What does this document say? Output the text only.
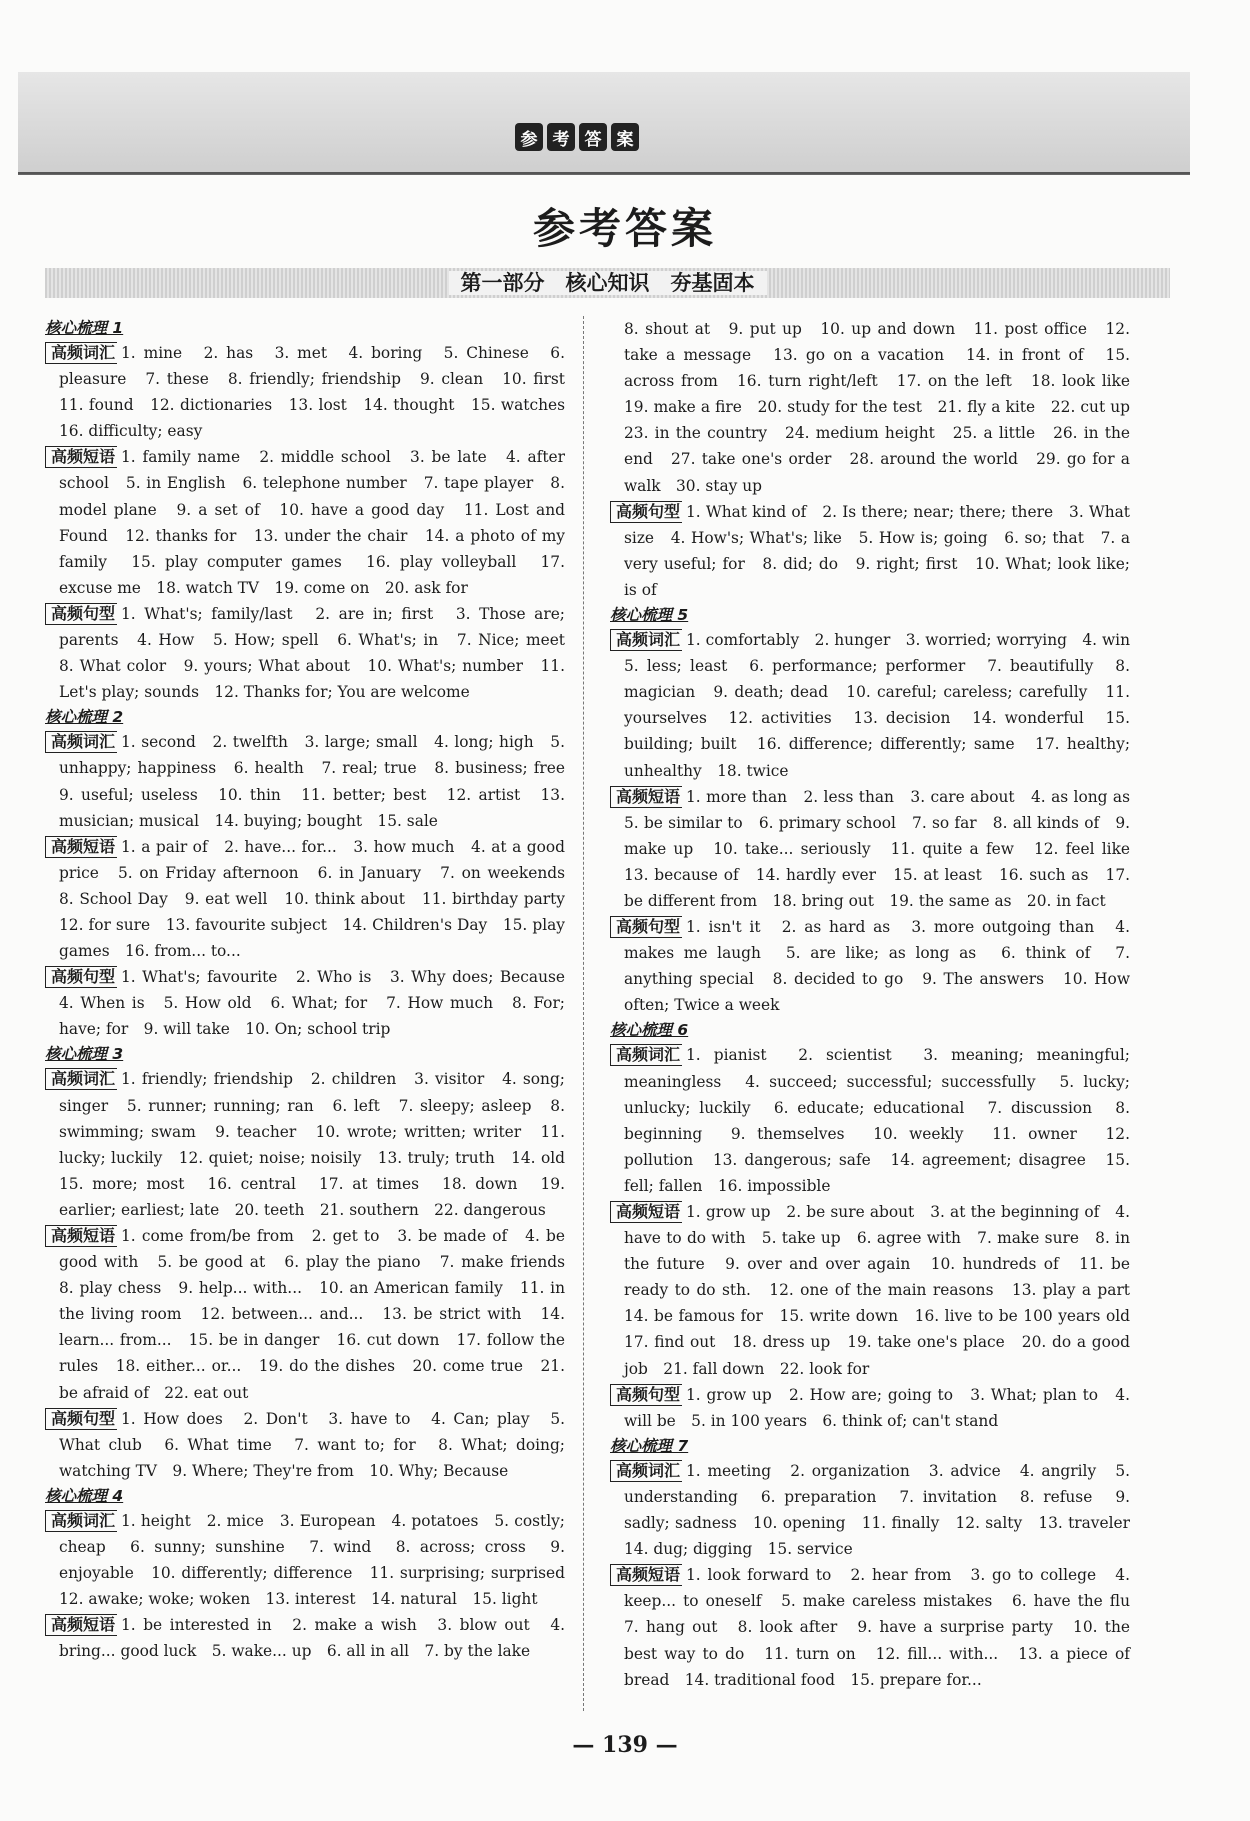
参 考 答 案
参考答案
第一部分　核心知识　夯基固本
核心梳理 1
高频词汇 1. mine　2. has　3. met　4. boring　5. Chinese　6. pleasure　7. these　8. friendly; friendship　9. clean　10. first　11. found　12. dictionaries　13. lost　14. thought　15. watches　16. difficulty; easy
高频短语 1. family name　2. middle school　3. be late　4. after school　5. in English　6. telephone number　7. tape player　8. model plane　9. a set of　10. have a good day　11. Lost and Found　12. thanks for　13. under the chair　14. a photo of my family　15. play computer games　16. play volleyball　17. excuse me　18. watch TV　19. come on　20. ask for
高频句型 1. What's; family/last　2. are in; first　3. Those are; parents　4. How　5. How; spell　6. What's; in　7. Nice; meet　8. What color　9. yours; What about　10. What's; number　11. Let's play; sounds　12. Thanks for; You are welcome
核心梳理 2
高频词汇 1. second　2. twelfth　3. large; small　4. long; high　5. unhappy; happiness　6. health　7. real; true　8. business; free　9. useful; useless　10. thin　11. better; best　12. artist　13. musician; musical　14. buying; bought　15. sale
高频短语 1. a pair of　2. have... for...　3. how much　4. at a good price　5. on Friday afternoon　6. in January　7. on weekends　8. School Day　9. eat well　10. think about　11. birthday party　12. for sure　13. favourite subject　14. Children's Day　15. play games　16. from... to...
高频句型 1. What's; favourite　2. Who is　3. Why does; Because　4. When is　5. How old　6. What; for　7. How much　8. For; have; for　9. will take　10. On; school trip
核心梳理 3
高频词汇 1. friendly; friendship　2. children　3. visitor　4. song; singer　5. runner; running; ran　6. left　7. sleepy; asleep　8. swimming; swam　9. teacher　10. wrote; written; writer　11. lucky; luckily　12. quiet; noise; noisily　13. truly; truth　14. old　15. more; most　16. central　17. at times　18. down　19. earlier; earliest; late　20. teeth　21. southern　22. dangerous
高频短语 1. come from/be from　2. get to　3. be made of　4. be good with　5. be good at　6. play the piano　7. make friends　8. play chess　9. help... with...　10. an American family　11. in the living room　12. between... and...　13. be strict with　14. learn... from...　15. be in danger　16. cut down　17. follow the rules　18. either... or...　19. do the dishes　20. come true　21. be afraid of　22. eat out
高频句型 1. How does　2. Don't　3. have to　4. Can; play　5. What club　6. What time　7. want to; for　8. What; doing; watching TV　9. Where; They're from　10. Why; Because
核心梳理 4
高频词汇 1. height　2. mice　3. European　4. potatoes　5. costly; cheap　6. sunny; sunshine　7. wind　8. across; cross　9. enjoyable　10. differently; difference　11. surprising; surprised　12. awake; woke; woken　13. interest　14. natural　15. light
高频短语 1. be interested in　2. make a wish　3. blow out　4. bring... good luck　5. wake... up　6. all in all　7. by the lake
8. shout at　9. put up　10. up and down　11. post office　12. take a message　13. go on a vacation　14. in front of　15. across from　16. turn right/left　17. on the left　18. look like　19. make a fire　20. study for the test　21. fly a kite　22. cut up　23. in the country　24. medium height　25. a little　26. in the end　27. take one's order　28. around the world　29. go for a walk　30. stay up
高频句型 1. What kind of　2. Is there; near; there; there　3. What size　4. How's; What's; like　5. How is; going　6. so; that　7. a very useful; for　8. did; do　9. right; first　10. What; look like; is of
核心梳理 5
高频词汇 1. comfortably　2. hunger　3. worried; worrying　4. win　5. less; least　6. performance; performer　7. beautifully　8. magician　9. death; dead　10. careful; careless; carefully　11. yourselves　12. activities　13. decision　14. wonderful　15. building; built　16. difference; differently; same　17. healthy; unhealthy　18. twice
高频短语 1. more than　2. less than　3. care about　4. as long as　5. be similar to　6. primary school　7. so far　8. all kinds of　9. make up　10. take... seriously　11. quite a few　12. feel like　13. because of　14. hardly ever　15. at least　16. such as　17. be different from　18. bring out　19. the same as　20. in fact
高频句型 1. isn't it　2. as hard as　3. more outgoing than　4. makes me laugh　5. are like; as long as　6. think of　7. anything special　8. decided to go　9. The answers　10. How often; Twice a week
核心梳理 6
高频词汇 1. pianist　2. scientist　3. meaning; meaningful; meaningless　4. succeed; successful; successfully　5. lucky; unlucky; luckily　6. educate; educational　7. discussion　8. beginning　9. themselves　10. weekly　11. owner　12. pollution　13. dangerous; safe　14. agreement; disagree　15. fell; fallen　16. impossible
高频短语 1. grow up　2. be sure about　3. at the beginning of　4. have to do with　5. take up　6. agree with　7. make sure　8. in the future　9. over and over again　10. hundreds of　11. be ready to do sth.　12. one of the main reasons　13. play a part　14. be famous for　15. write down　16. live to be 100 years old　17. find out　18. dress up　19. take one's place　20. do a good job　21. fall down　22. look for
高频句型 1. grow up　2. How are; going to　3. What; plan to　4. will be　5. in 100 years　6. think of; can't stand
核心梳理 7
高频词汇 1. meeting　2. organization　3. advice　4. angrily　5. understanding　6. preparation　7. invitation　8. refuse　9. sadly; sadness　10. opening　11. finally　12. salty　13. traveler　14. dug; digging　15. service
高频短语 1. look forward to　2. hear from　3. go to college　4. keep... to oneself　5. make careless mistakes　6. have the flu　7. hang out　8. look after　9. have a surprise party　10. the best way to do　11. turn on　12. fill... with...　13. a piece of bread　14. traditional food　15. prepare for...
— 139 —
